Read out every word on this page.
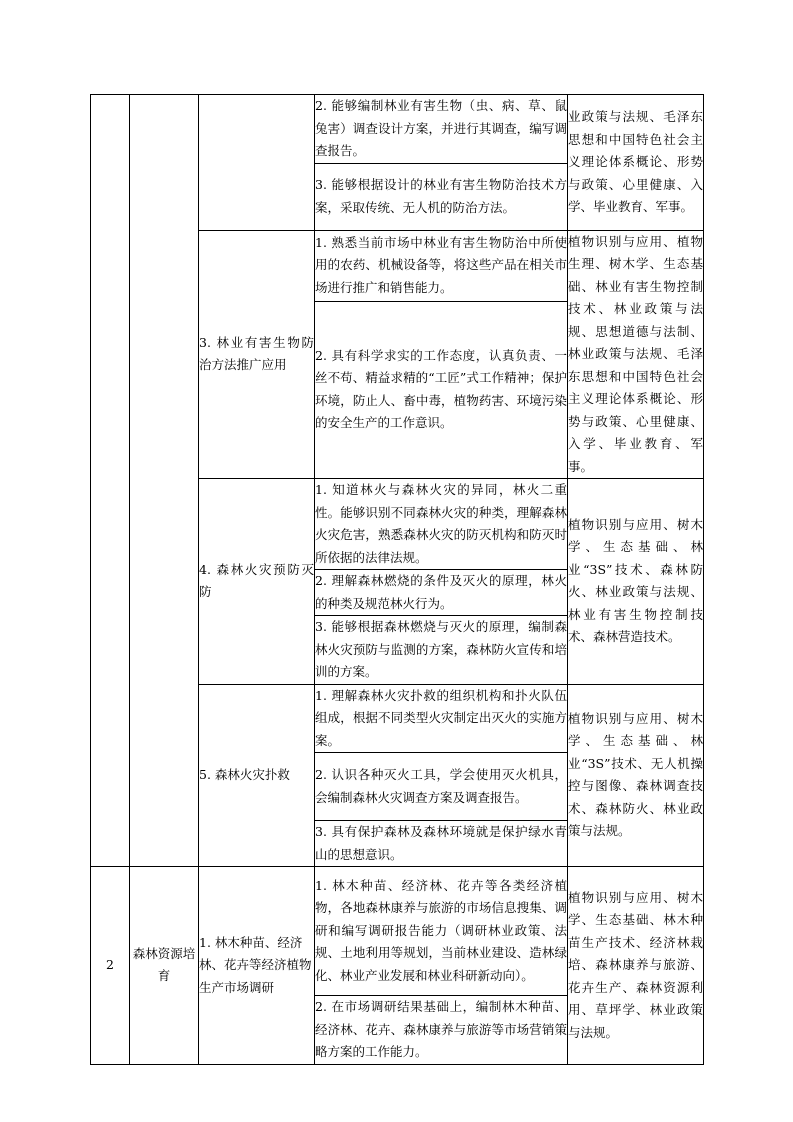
			2. 能够编制林业有害生物（虫、病、草、鼠兔害）调查设计方案，并进行其调查，编写调查报告。	业政策与法规、毛泽东思想和中国特色社会主义理论体系概论、形势与政策、心里健康、入学、毕业教育、军事。
			3. 能够根据设计的林业有害生物防治技术方案，采取传统、无人机的防治方法。	
		3. 林业有害生物防治方法推广应用	1. 熟悉当前市场中林业有害生物防治中所使用的农药、机械设备等，将这些产品在相关市场进行推广和销售能力。	植物识别与应用、植物生理、树木学、生态基础、林业有害生物控制技术、林业政策与法规、思想道德与法制、林业政策与法规、毛泽东思想和中国特色社会主义理论体系概论、形势与政策、心里健康、入学、毕业教育、军事。
			2. 具有科学求实的工作态度，认真负责、一丝不苟、精益求精的“工匠”式工作精神；保护环境，防止人、畜中毒，植物药害、环境污染的安全生产的工作意识。	
		4. 森林火灾预防灭防	1. 知道林火与森林火灾的异同，林火二重性。能够识别不同森林火灾的种类，理解森林火灾危害，熟悉森林火灾的防灭机构和防灭时所依据的法律法规。	植物识别与应用、树木学、生态基础、林业“3S”技术、森林防火、林业政策与法规、林业有害生物控制技术、森林营造技术。
			2. 理解森林燃烧的条件及灭火的原理，林火的种类及规范林火行为。	
			3. 能够根据森林燃烧与灭火的原理，编制森林火灾预防与监测的方案，森林防火宣传和培训的方案。	
		5. 森林火灾扑救	1. 理解森林火灾扑救的组织机构和扑火队伍组成，根据不同类型火灾制定出灭火的实施方案。	植物识别与应用、树木学、生态基础、林业“3S”技术、无人机操控与图像、森林调查技术、森林防火、林业政策与法规。
			2. 认识各种灭火工具，学会使用灭火机具，会编制森林火灾调查方案及调查报告。	
			3. 具有保护森林及森林环境就是保护绿水青山的思想意识。	
2	森林资源培育	1. 林木种苗、经济林、花卉等经济植物生产市场调研	1. 林木种苗、经济林、花卉等各类经济植物，各地森林康养与旅游的市场信息搜集、调研和编写调研报告能力（调研林业政策、法规、土地利用等规划，当前林业建设、造林绿化、林业产业发展和林业科研新动向）。	植物识别与应用、树木学、生态基础、林木种苗生产技术、经济林栽培、森林康养与旅游、花卉生产、森林资源利用、草坪学、林业政策与法规。
			2. 在市场调研结果基础上，编制林木种苗、经济林、花卉、森林康养与旅游等市场营销策略方案的工作能力。	
